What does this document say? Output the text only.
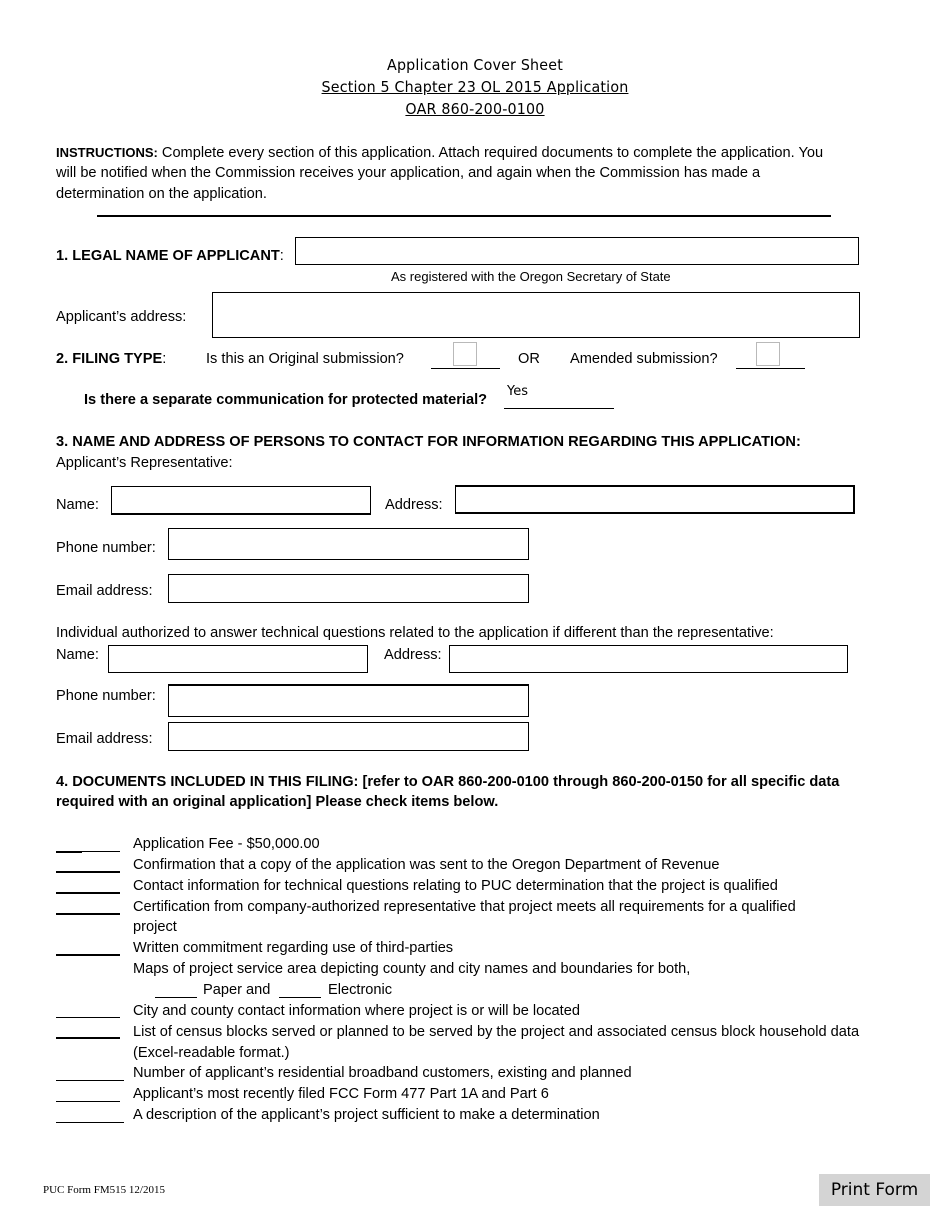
Application Cover Sheet
Section 5 Chapter 23 OL 2015 Application
OAR 860-200-0100
INSTRUCTIONS: Complete every section of this application. Attach required documents to complete the application. You
will be notified when the Commission receives your application, and again when the Commission has made a
determination on the application.
1. LEGAL NAME OF APPLICANT:
As registered with the Oregon Secretary of State
Applicant’s address:
2. FILING TYPE:	Is this an Original submission?	OR Amended submission?
Is there a separate communication for protected material?
Yes
3. NAME AND ADDRESS OF PERSONS TO CONTACT FOR INFORMATION REGARDING THIS APPLICATION:
Applicant’s Representative:
Name:	Address:
Phone number:
Email address:
Individual authorized to answer technical questions related to the application if different than the representative:
Name:	Address:
Phone number:
Email address:
4. DOCUMENTS INCLUDED IN THIS FILING: [refer to OAR 860-200-0100 through 860-200-0150 for all specific data
required with an original application] Please check items below.
Application Fee - $50,000.00
Confirmation that a copy of the application was sent to the Oregon Department of Revenue
Contact information for technical questions relating to PUC determination that the project is qualified
Certification from company-authorized representative that project meets all requirements for a qualified
project
Written commitment regarding use of third-parties
Maps of project service area depicting county and city names and boundaries for both,
Paper and	Electronic
City and county contact information where project is or will be located
List of census blocks served or planned to be served by the project and associated census block household data
(Excel-readable format.)
Number of applicant’s residential broadband customers, existing and planned
Applicant’s most recently filed FCC Form 477 Part 1A and Part 6
A description of the applicant’s project sufficient to make a determination
PUC Form FM515 12/2015	Print Form
